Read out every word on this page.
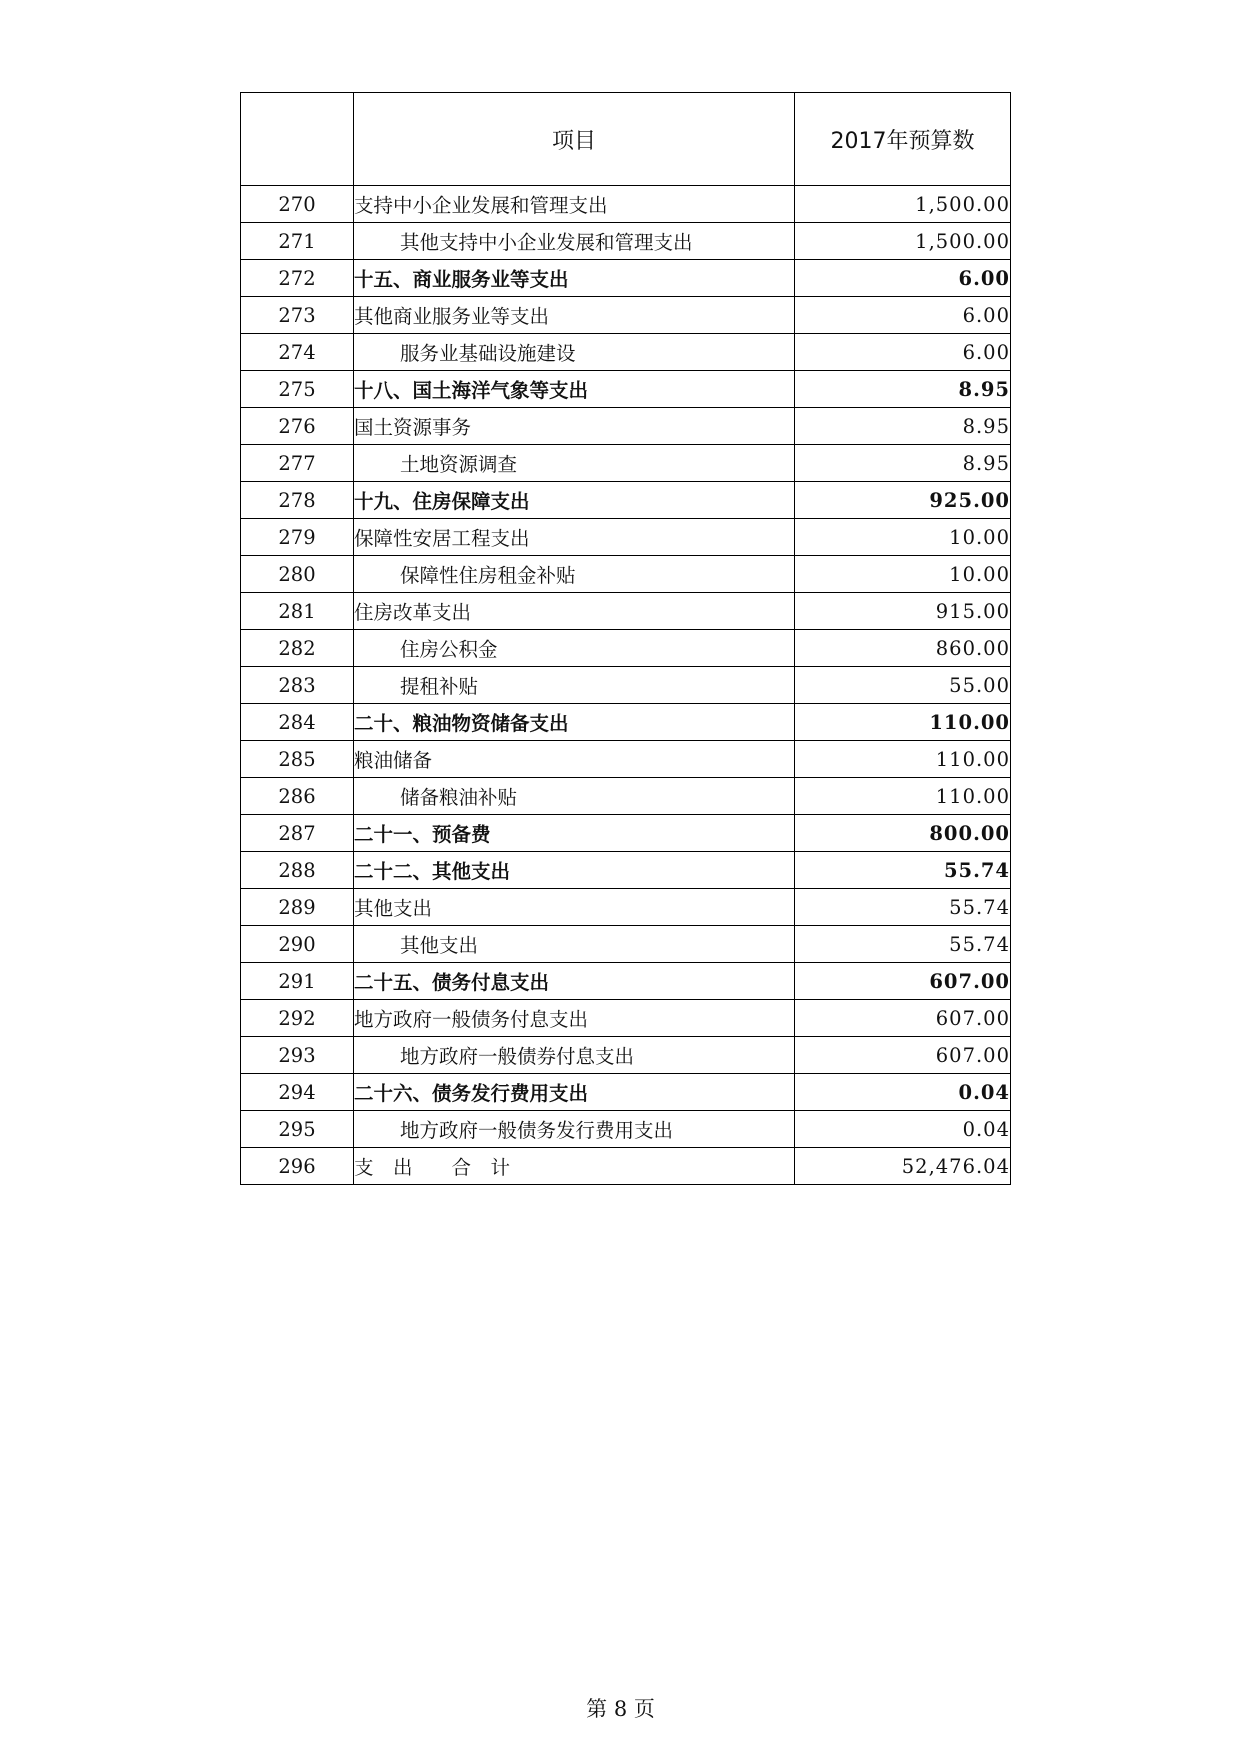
	项目	2017年预算数
270	支持中小企业发展和管理支出	1,500.00
271	其他支持中小企业发展和管理支出	1,500.00
272	十五、商业服务业等支出	6.00
273	其他商业服务业等支出	6.00
274	服务业基础设施建设	6.00
275	十八、国土海洋气象等支出	8.95
276	国土资源事务	8.95
277	土地资源调查	8.95
278	十九、住房保障支出	925.00
279	保障性安居工程支出	10.00
280	保障性住房租金补贴	10.00
281	住房改革支出	915.00
282	住房公积金	860.00
283	提租补贴	55.00
284	二十、粮油物资储备支出	110.00
285	粮油储备	110.00
286	储备粮油补贴	110.00
287	二十一、预备费	800.00
288	二十二、其他支出	55.74
289	其他支出	55.74
290	其他支出	55.74
291	二十五、债务付息支出	607.00
292	地方政府一般债务付息支出	607.00
293	地方政府一般债券付息支出	607.00
294	二十六、债务发行费用支出	0.04
295	地方政府一般债务发行费用支出	0.04
296	支　出　　合　计	52,476.04
第 8 页
